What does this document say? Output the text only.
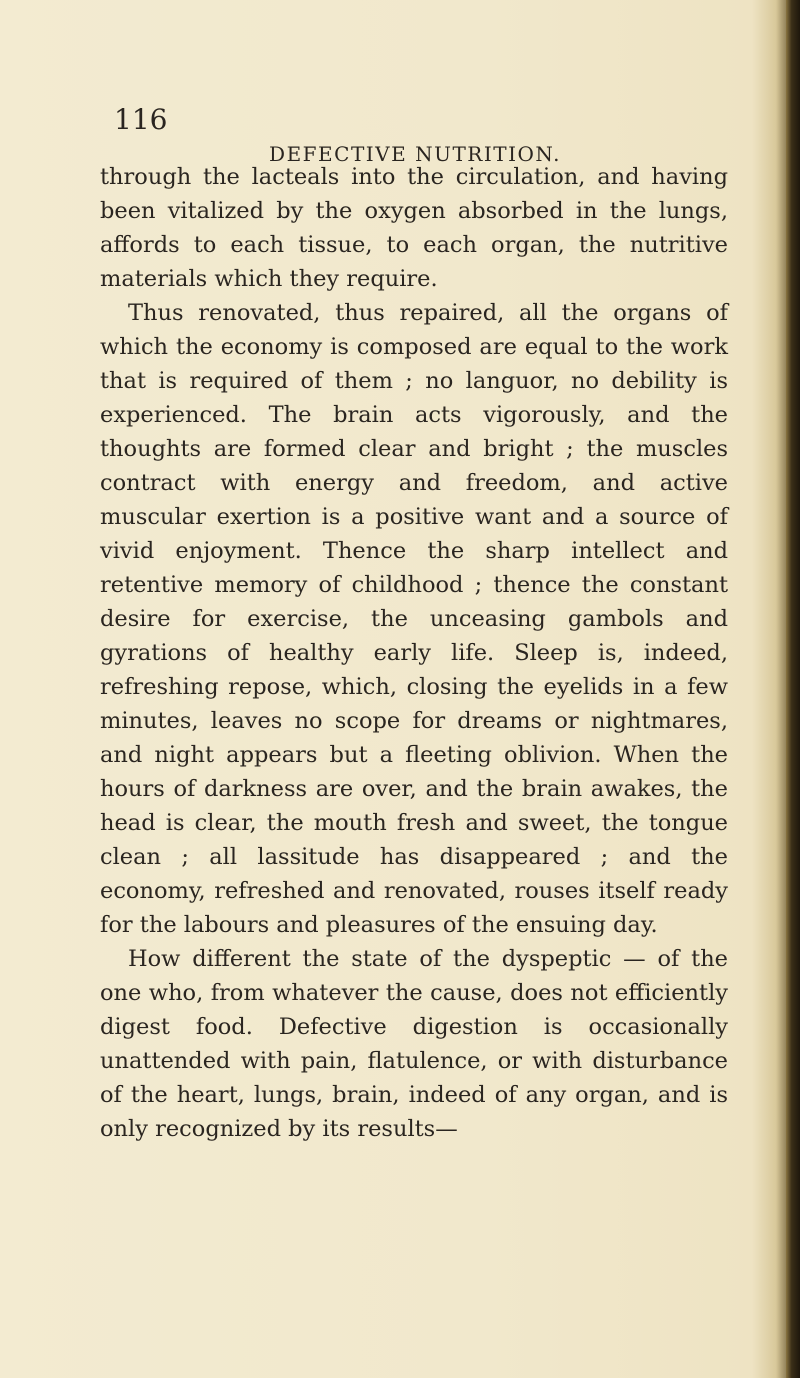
116
DEFECTIVE NUTRITION.

through the lacteals into the circulation, and having been vitalized by the oxygen absorbed in the lungs, affords to each tissue, to each organ, the nutritive materials which they require.

Thus renovated, thus repaired, all the organs of which the economy is composed are equal to the work that is required of them ; no languor, no debility is experienced. The brain acts vigorously, and the thoughts are formed clear and bright ; the muscles contract with energy and freedom, and active muscular exertion is a positive want and a source of vivid enjoyment. Thence the sharp intellect and retentive memory of childhood ; thence the constant desire for exercise, the unceasing gambols and gyrations of healthy early life. Sleep is, indeed, refreshing repose, which, closing the eyelids in a few minutes, leaves no scope for dreams or nightmares, and night appears but a fleeting oblivion. When the hours of darkness are over, and the brain awakes, the head is clear, the mouth fresh and sweet, the tongue clean ; all lassitude has disappeared ; and the economy, refreshed and renovated, rouses itself ready for the labours and pleasures of the ensuing day.

How different the state of the dyspeptic — of the one who, from whatever the cause, does not efficiently digest food. Defective digestion is occasionally unattended with pain, flatulence, or with disturbance of the heart, lungs, brain, indeed of any organ, and is only recognized by its results—
